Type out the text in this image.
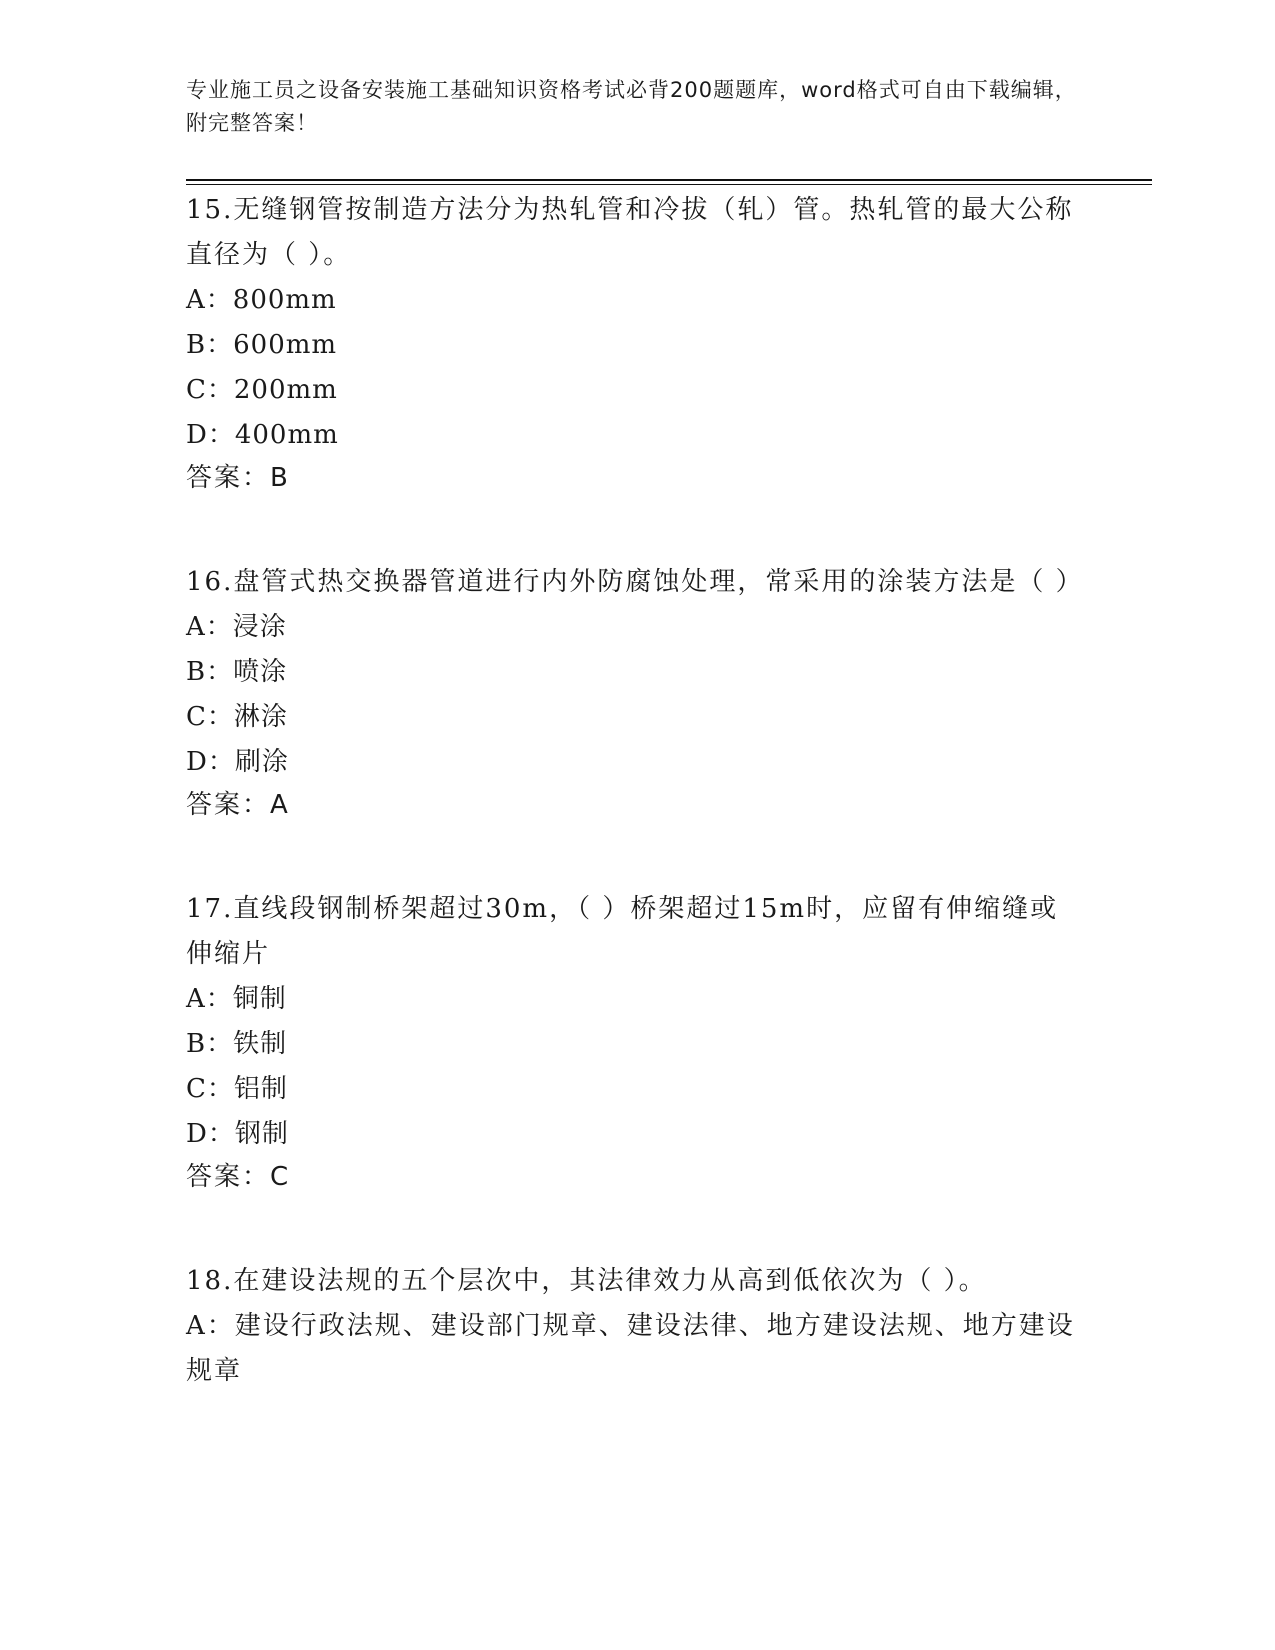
专业施工员之设备安装施工基础知识资格考试必背200题题库，word格式可自由下载编辑，附完整答案！
15.无缝钢管按制造方法分为热轧管和冷拔（轧）管。热轧管的最大公称直径为（ ）。
A：800mm
B：600mm
C：200mm
D：400mm
答案：B
16.盘管式热交换器管道进行内外防腐蚀处理，常采用的涂装方法是（ ）
A：浸涂
B：喷涂
C：淋涂
D：刷涂
答案：A
17.直线段钢制桥架超过30m，（ ）桥架超过15m时，应留有伸缩缝或伸缩片
A：铜制
B：铁制
C：铝制
D：钢制
答案：C
18.在建设法规的五个层次中，其法律效力从高到低依次为（ ）。
A：建设行政法规、建设部门规章、建设法律、地方建设法规、地方建设规章
